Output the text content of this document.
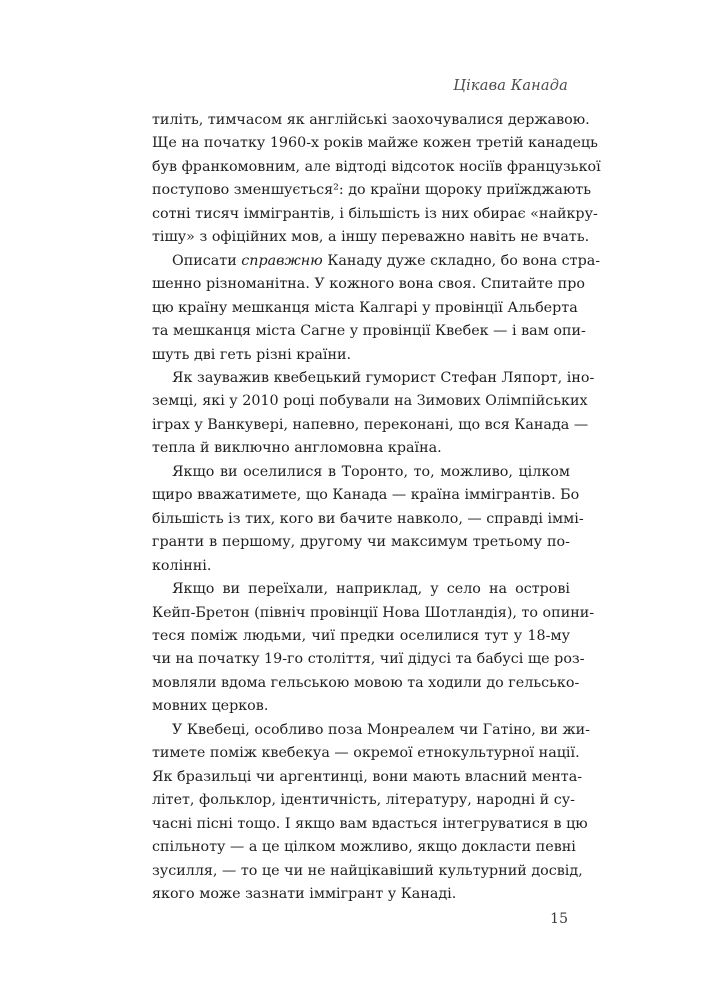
Цікава Канада

тиліть, тимчасом як англійські заохочувалися державою.
Ще на початку 1960-х років майже кожен третій канадець
був франкомовним, але відтоді відсоток носіїв французької
поступово зменшується²: до країни щороку приїжджають
сотні тисяч іммігрантів, і більшість із них обирає «найкру-
тішу» з офіційних мов, а іншу переважно навіть не вчать.

Описати справжню Канаду дуже складно, бо вона стра-
шенно різноманітна. У кожного вона своя. Спитайте про
цю країну мешканця міста Калгарі у провінції Альберта
та мешканця міста Сагне у провінції Квебек — і вам опи-
шуть дві геть різні країни.

Як зауважив квебецький гуморист Стефан Ляпорт, іно-
земці, які у 2010 році побували на Зимових Олімпійських
іграх у Ванкувері, напевно, переконані, що вся Канада —
тепла й виключно англомовна країна.

Якщо ви оселилися в Торонто, то, можливо, цілком
щиро вважатимете, що Канада — країна іммігрантів. Бо
більшість із тих, кого ви бачите навколо, — справді іммі-
гранти в першому, другому чи максимум третьому по-
колінні.

Якщо ви переїхали, наприклад, у село на острові
Кейп-Бретон (північ провінції Нова Шотландія), то опини-
теся поміж людьми, чиї предки оселилися тут у 18-му
чи на початку 19-го століття, чиї дідусі та бабусі ще роз-
мовляли вдома гельською мовою та ходили до гельсько-
мовних церков.

У Квебеці, особливо поза Монреалем чи Гатіно, ви жи-
тимете поміж квебекуа — окремої етнокультурної нації.
Як бразильці чи аргентинці, вони мають власний мента-
літет, фольклор, ідентичність, літературу, народні й су-
часні пісні тощо. І якщо вам вдасться інтегруватися в цю
спільноту — а це цілком можливо, якщо докласти певні
зусилля, — то це чи не найцікавіший культурний досвід,
якого може зазнати іммігрант у Канаді.

15
